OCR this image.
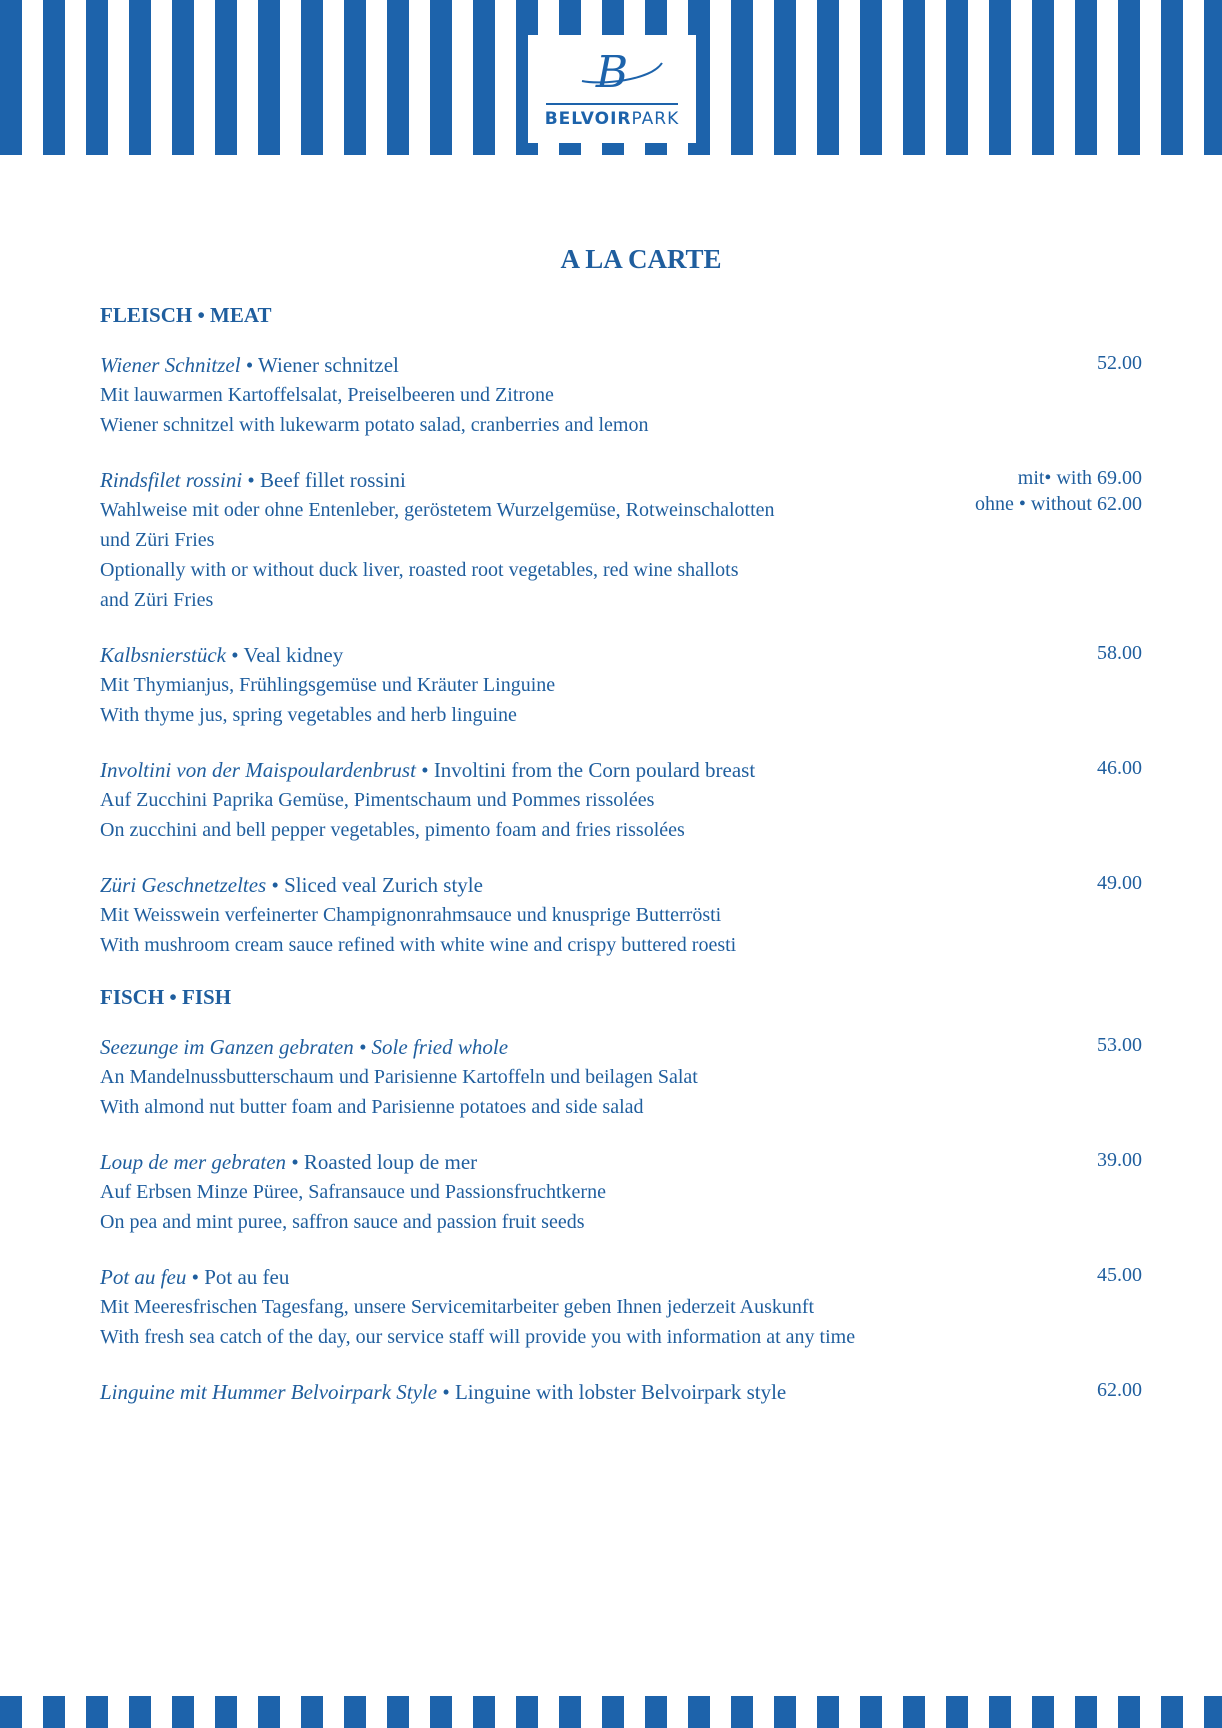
B
BELVOIRPARK
A LA CARTE
FLEISCH • MEAT
Wiener Schnitzel • Wiener schnitzel
Mit lauwarmen Kartoffelsalat, Preiselbeeren und Zitrone
Wiener schnitzel with lukewarm potato salad, cranberries and lemon
52.00
Rindsfilet rossini • Beef fillet rossini
Wahlweise mit oder ohne Entenleber, geröstetem Wurzelgemüse, Rotweinschalotten
und Züri Fries
Optionally with or without duck liver, roasted root vegetables, red wine shallots
and Züri Fries
mit• with 69.00
ohne • without 62.00
Kalbsnierstück • Veal kidney
Mit Thymianjus, Frühlingsgemüse und Kräuter Linguine
With thyme jus, spring vegetables and herb linguine
58.00
Involtini von der Maispoulardenbrust • Involtini from the Corn poulard breast
Auf Zucchini Paprika Gemüse, Pimentschaum und Pommes rissolées
On zucchini and bell pepper vegetables, pimento foam and fries rissolées
46.00
Züri Geschnetzeltes • Sliced veal Zurich style
Mit Weisswein verfeinerter Champignonrahmsauce und knusprige Butterrösti
With mushroom cream sauce refined with white wine and crispy buttered roesti
49.00
FISCH • FISH
Seezunge im Ganzen gebraten • Sole fried whole
An Mandelnussbutterschaum und Parisienne Kartoffeln und beilagen Salat
With almond nut butter foam and Parisienne potatoes and side salad
53.00
Loup de mer gebraten • Roasted loup de mer
Auf Erbsen Minze Püree, Safransauce und Passionsfruchtkerne
On pea and mint puree, saffron sauce and passion fruit seeds
39.00
Pot au feu • Pot au feu
Mit Meeresfrischen Tagesfang, unsere Servicemitarbeiter geben Ihnen jederzeit Auskunft
With fresh sea catch of the day, our service staff will provide you with information at any time
45.00
Linguine mit Hummer Belvoirpark Style • Linguine with lobster Belvoirpark style	62.00
